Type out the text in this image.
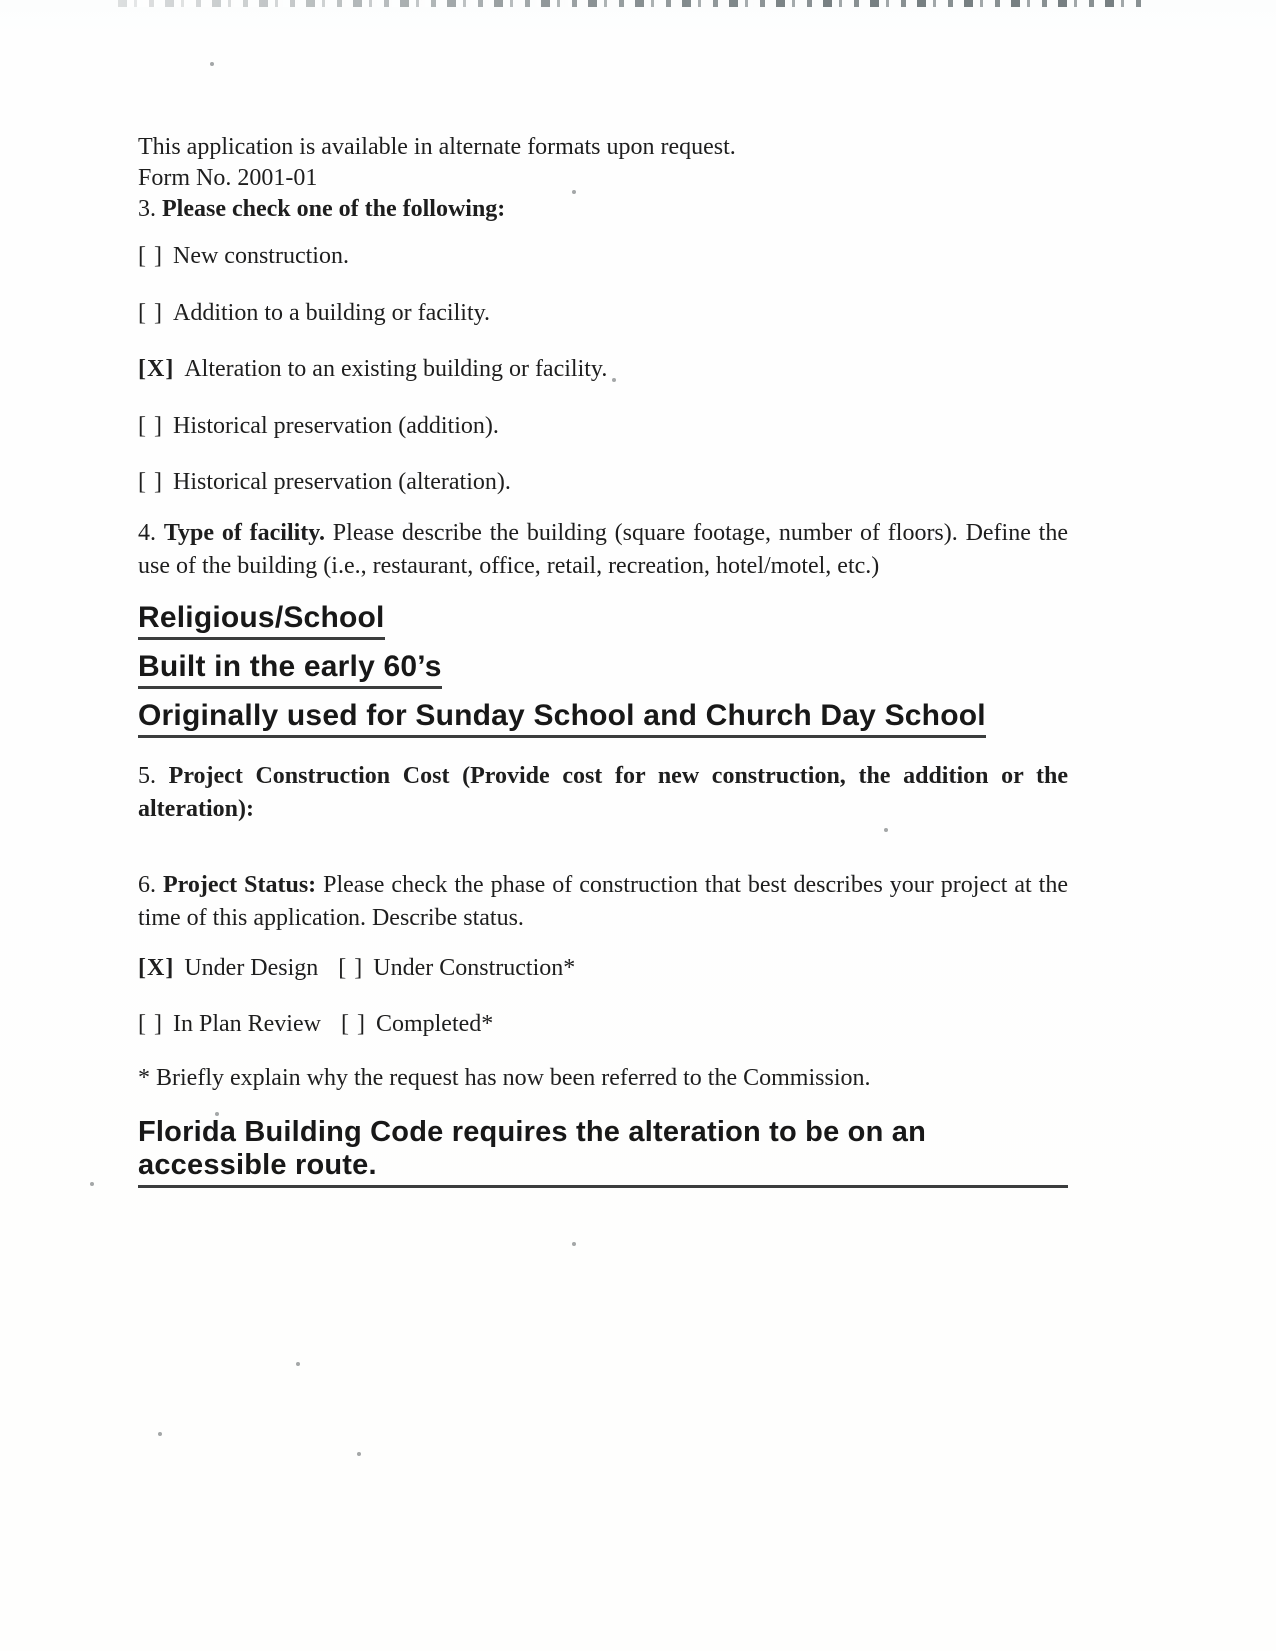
This application is available in alternate formats upon request.
Form No. 2001-01
3. Please check one of the following:
[ ] New construction.
[ ] Addition to a building or facility.
[X] Alteration to an existing building or facility.
[ ] Historical preservation (addition).
[ ] Historical preservation (alteration).
4. Type of facility. Please describe the building (square footage, number of floors). Define the use of the building (i.e., restaurant, office, retail, recreation, hotel/motel, etc.)
Religious/School
Built in the early 60’s
Originally used for Sunday School and Church Day School
5. Project Construction Cost (Provide cost for new construction, the addition or the alteration):
6. Project Status: Please check the phase of construction that best describes your project at the time of this application. Describe status.
[X] Under Design [ ] Under Construction*
[ ] In Plan Review [ ] Completed*
* Briefly explain why the request has now been referred to the Commission.
Florida Building Code requires the alteration to be on an accessible route.
